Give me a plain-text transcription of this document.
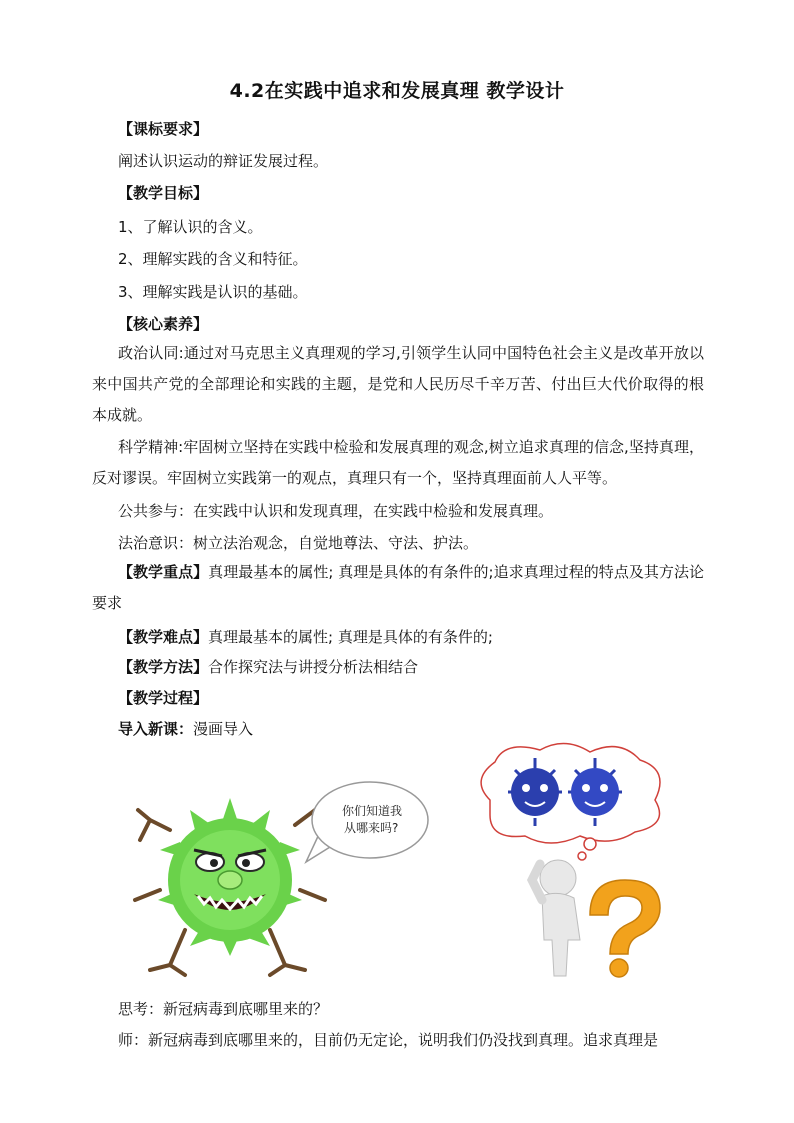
4.2在实践中追求和发展真理 教学设计
【课标要求】
阐述认识运动的辩证发展过程。
【教学目标】
1、了解认识的含义。
2、理解实践的含义和特征。
3、理解实践是认识的基础。
【核心素养】
政治认同:通过对马克思主义真理观的学习,引领学生认同中国特色社会主义是改革开放以来中国共产党的全部理论和实践的主题，是党和人民历尽千辛万苦、付出巨大代价取得的根本成就。
科学精神:牢固树立坚持在实践中检验和发展真理的观念,树立追求真理的信念,坚持真理，反对谬误。牢固树立实践第一的观点，真理只有一个，坚持真理面前人人平等。
公共参与：在实践中认识和发现真理，在实践中检验和发展真理。
法治意识：树立法治观念，自觉地尊法、守法、护法。
【教学重点】真理最基本的属性; 真理是具体的有条件的;追求真理过程的特点及其方法论要求
【教学难点】真理最基本的属性; 真理是具体的有条件的;
【教学方法】合作探究法与讲授分析法相结合
【教学过程】
导入新课：漫画导入
你们知道我
从哪来吗?
思考：新冠病毒到底哪里来的？
师：新冠病毒到底哪里来的，目前仍无定论，说明我们仍没找到真理。追求真理是
